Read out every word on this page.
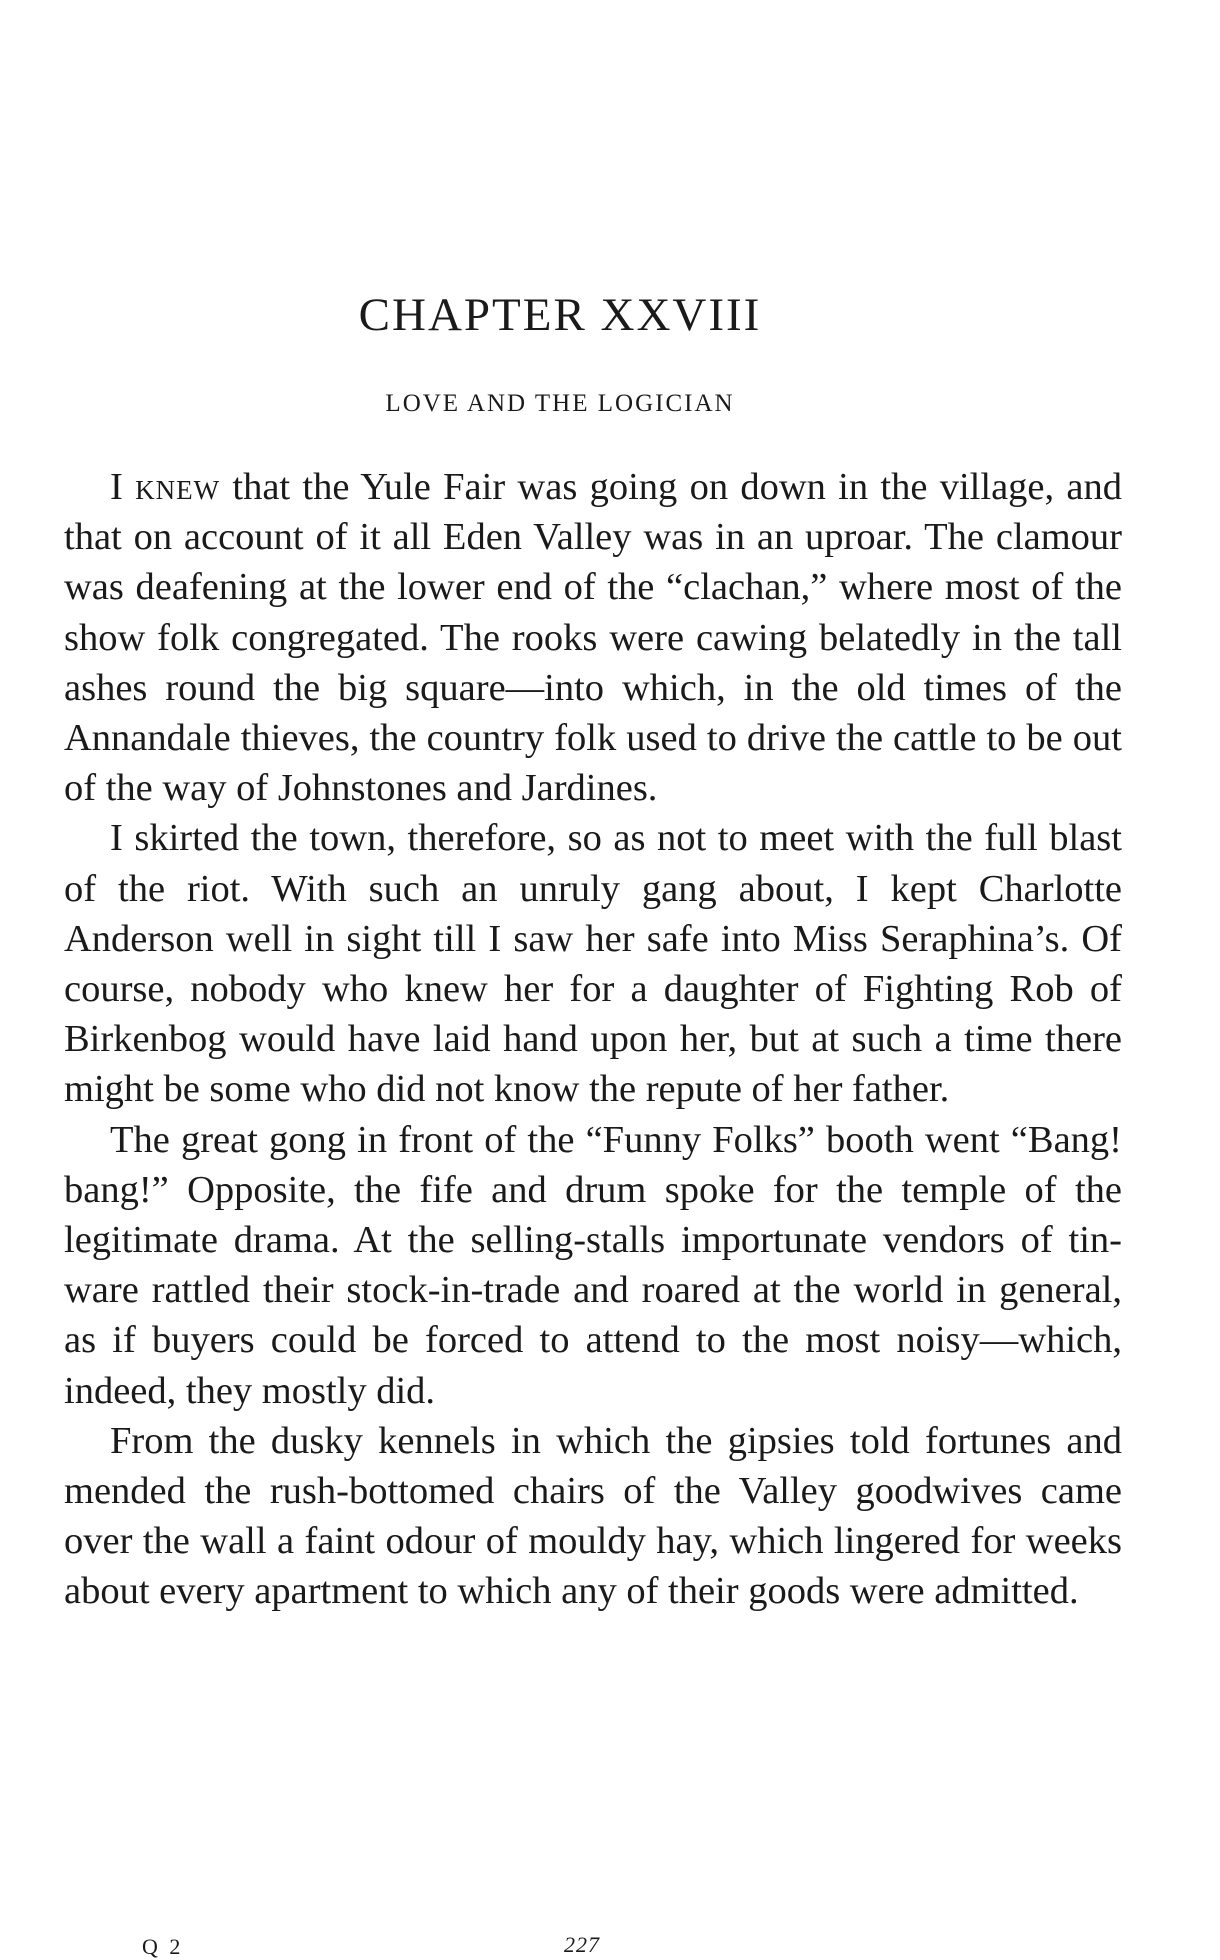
CHAPTER XXVIII
LOVE AND THE LOGICIAN

I knew that the Yule Fair was going on down in the village, and that on account of it all Eden Valley was in an uproar. The clamour was deafening at the lower end of the “clachan,” where most of the show folk congregated. The rooks were cawing belatedly in the tall ashes round the big square—into which, in the old times of the Annandale thieves, the country folk used to drive the cattle to be out of the way of Johnstones and Jardines.

I skirted the town, therefore, so as not to meet with the full blast of the riot. With such an unruly gang about, I kept Charlotte Anderson well in sight till I saw her safe into Miss Seraphina’s. Of course, nobody who knew her for a daughter of Fighting Rob of Birkenbog would have laid hand upon her, but at such a time there might be some who did not know the repute of her father.

The great gong in front of the “Funny Folks” booth went “Bang! bang!” Opposite, the fife and drum spoke for the temple of the legitimate drama. At the selling-stalls importunate vendors of tin-ware rattled their stock-in-trade and roared at the world in general, as if buyers could be forced to attend to the most noisy—which, indeed, they mostly did.

From the dusky kennels in which the gipsies told fortunes and mended the rush-bottomed chairs of the Valley goodwives came over the wall a faint odour of mouldy hay, which lingered for weeks about every apartment to which any of their goods were admitted.

Q 2	227
